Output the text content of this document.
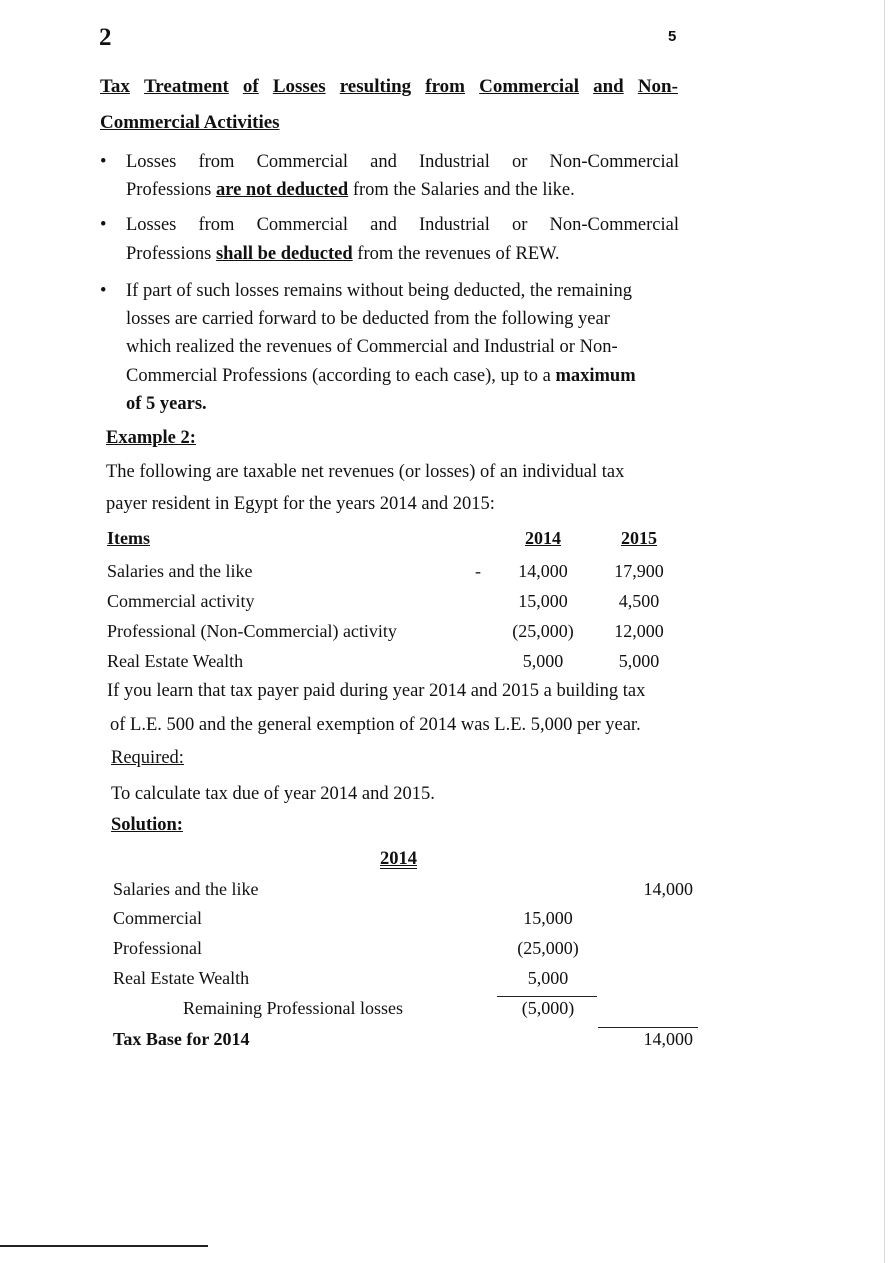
2	5
Tax Treatment of Losses resulting from Commercial and Non-
Commercial Activities
• Losses from Commercial and Industrial or Non-Commercial
Professions are not deducted from the Salaries and the like.
• Losses from Commercial and Industrial or Non-Commercial
Professions shall be deducted from the revenues of REW.
• If part of such losses remains without being deducted, the remaining
losses are carried forward to be deducted from the following year
which realized the revenues of Commercial and Industrial or Non-
Commercial Professions (according to each case), up to a maximum
of 5 years.
Example 2:
The following are taxable net revenues (or losses) of an individual tax
payer resident in Egypt for the years 2014 and 2015:
Items	2014	2015
Salaries and the like	-	14,000	17,900
Commercial activity	15,000	4,500
Professional (Non-Commercial) activity	(25,000)	12,000
Real Estate Wealth	5,000	5,000
If you learn that tax payer paid during year 2014 and 2015 a building tax
of L.E. 500 and the general exemption of 2014 was L.E. 5,000 per year.
Required:
To calculate tax due of year 2014 and 2015.
Solution:
2014
Salaries and the like	14,000
Commercial	15,000
Professional	(25,000)
Real Estate Wealth	5,000
Remaining Professional losses	(5,000)
Tax Base for 2014	14,000
